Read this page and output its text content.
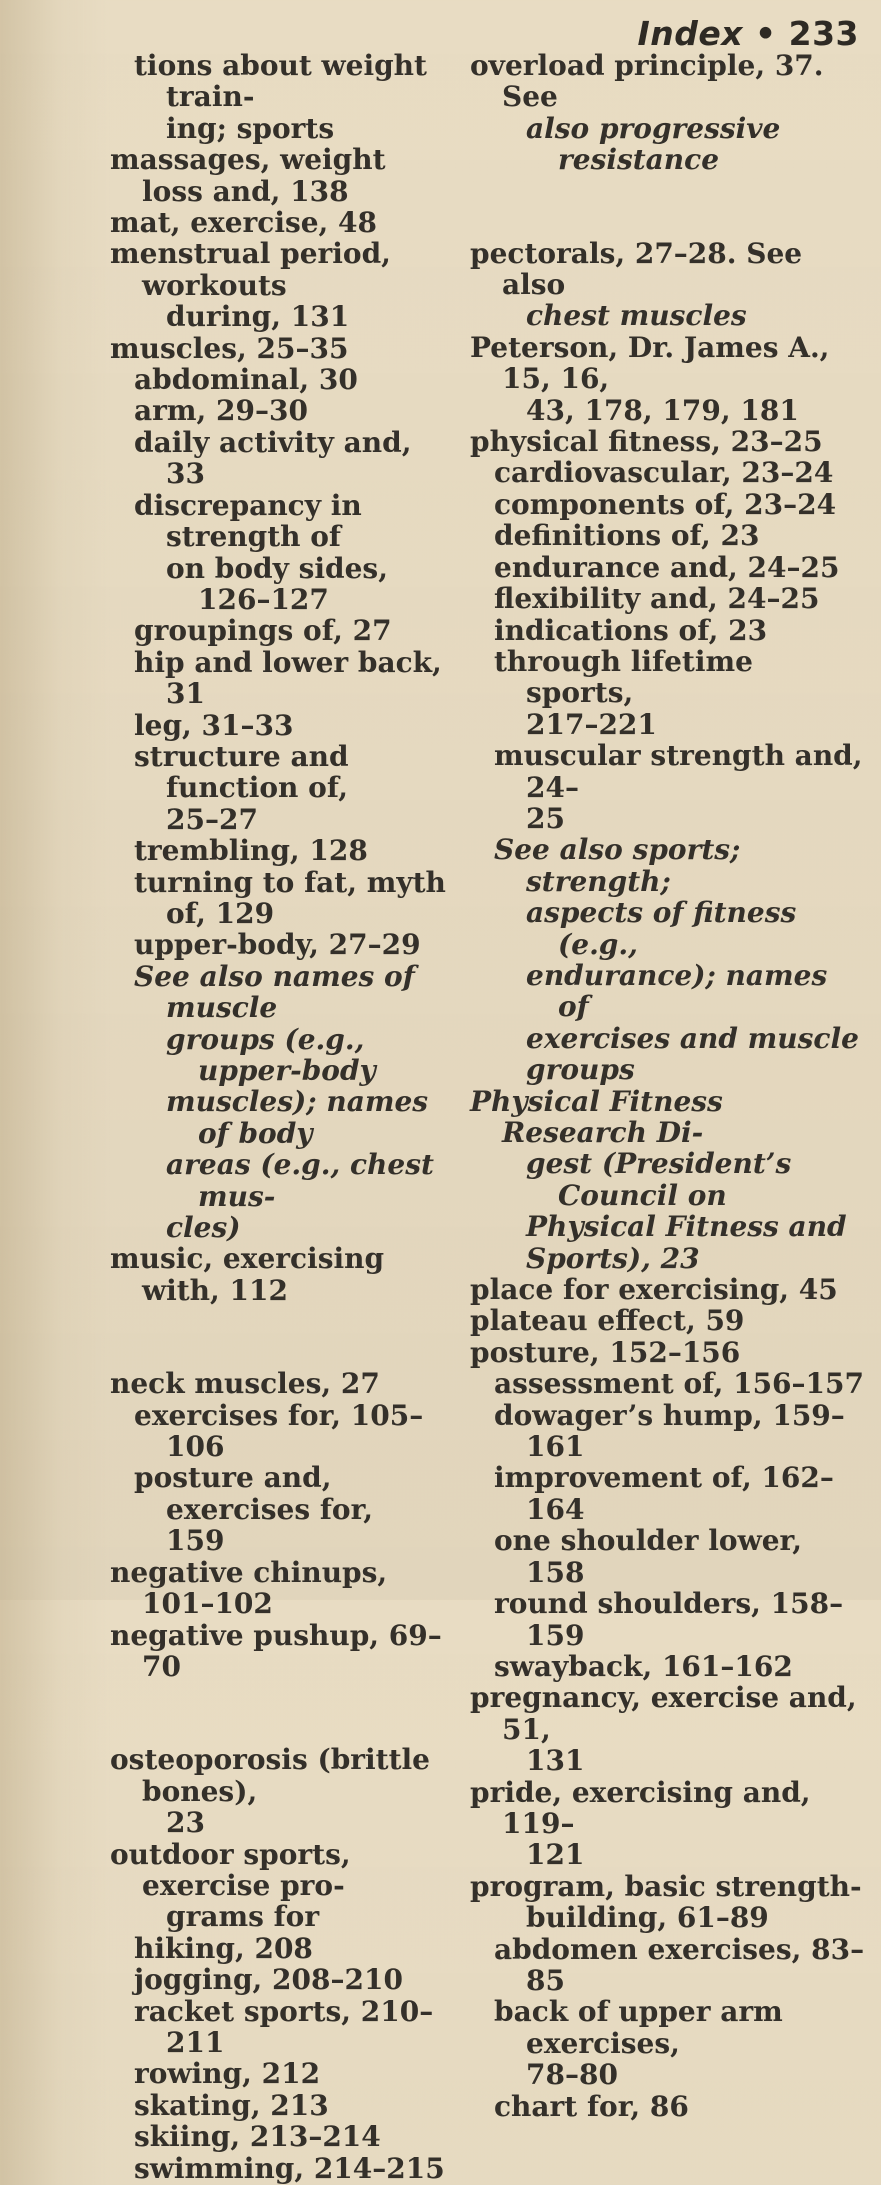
Index • 233
tions about weight train-
ing; sports
massages, weight loss and, 138
mat, exercise, 48
menstrual period, workouts
during, 131
muscles, 25–35
abdominal, 30
arm, 29–30
daily activity and, 33
discrepancy in strength of
on body sides, 126–127
groupings of, 27
hip and lower back, 31
leg, 31–33
structure and function of,
25–27
trembling, 128
turning to fat, myth of, 129
upper-body, 27–29
See also names of muscle
groups (e.g., upper-body
muscles); names of body
areas (e.g., chest mus-
cles)
music, exercising with, 112
neck muscles, 27
exercises for, 105–106
posture and, exercises for,
159
negative chinups, 101–102
negative pushup, 69–70
osteoporosis (brittle bones),
23
outdoor sports, exercise pro-
grams for
hiking, 208
jogging, 208–210
racket sports, 210–211
rowing, 212
skating, 213
skiing, 213–214
swimming, 214–215
overload principle, 37. See
also progressive resistance
pectorals, 27–28. See also
chest muscles
Peterson, Dr. James A., 15, 16,
43, 178, 179, 181
physical fitness, 23–25
cardiovascular, 23–24
components of, 23–24
definitions of, 23
endurance and, 24–25
flexibility and, 24–25
indications of, 23
through lifetime sports,
217–221
muscular strength and, 24–
25
See also sports; strength;
aspects of fitness (e.g.,
endurance); names of
exercises and muscle
groups
Physical Fitness Research Di-
gest (President’s Council on
Physical Fitness and
Sports), 23
place for exercising, 45
plateau effect, 59
posture, 152–156
assessment of, 156–157
dowager’s hump, 159–161
improvement of, 162–164
one shoulder lower, 158
round shoulders, 158–159
swayback, 161–162
pregnancy, exercise and, 51,
131
pride, exercising and, 119–
121
program, basic strength-
building, 61–89
abdomen exercises, 83–85
back of upper arm exercises,
78–80
chart for, 86
